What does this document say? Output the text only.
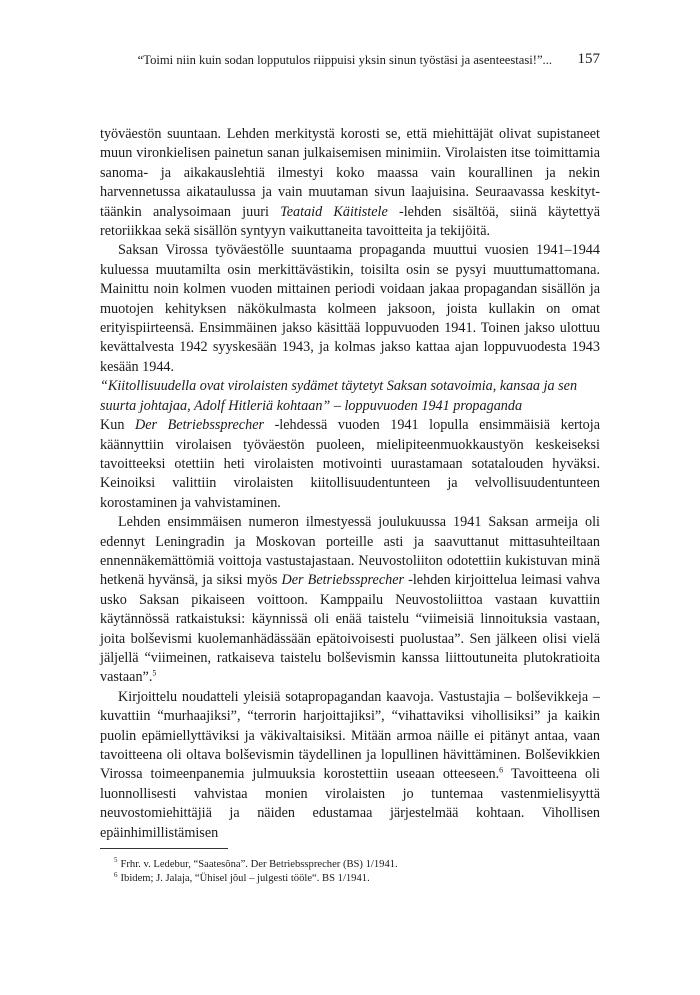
“Toimi niin kuin sodan lopputulos riippuisi yksin sinun työstäsi ja asenteestasi!”... 157

työväestön suuntaan. Lehden merkitystä korosti se, että miehittäjät olivat supistaneet muun vironkielisen painetun sanan julkaisemisen minimiin. Virolaisten itse toimittamia sanoma- ja aikakauslehtiä ilmestyi koko maassa vain kourallinen ja nekin harvennetussa aikataulussa ja vain muutaman sivun laajuisina. Seuraavassa keskityttäänkin analysoimaan juuri Teataid Käitistele -lehden sisältöä, siinä käytettyä retoriikkaa sekä sisällön syntyyn vaikuttaneita tavoitteita ja tekijöitä.

Saksan Virossa työväestölle suuntaama propaganda muuttui vuosien 1941–1944 kuluessa muutamilta osin merkittävästikin, toisilta osin se pysyi muuttumattomana. Mainittu noin kolmen vuoden mittainen periodi voidaan jakaa propagandan sisällön ja muotojen kehityksen näkökulmasta kolmeen jaksoon, joista kullakin on omat erityispiirteensä. Ensimmäinen jakso käsittää loppuvuoden 1941. Toinen jakso ulottuu kevättalvesta 1942 syyskesään 1943, ja kolmas jakso kattaa ajan loppuvuodesta 1943 kesään 1944.

“Kiitollisuudella ovat virolaisten sydämet täytetyt Saksan sotavoimia, kansaa ja sen suurta johtajaa, Adolf Hitleriä kohtaan” – loppuvuoden 1941 propaganda

Kun Der Betriebssprecher -lehdessä vuoden 1941 lopulla ensimmäisiä kertoja käännyttiin virolaisen työväestön puoleen, mielipiteenmuokkaustyön keskeiseksi tavoitteeksi otettiin heti virolaisten motivointi uurastamaan sotatalouden hyväksi. Keinoiksi valittiin virolaisten kiitollisuudentunteen ja velvollisuudentunteen korostaminen ja vahvistaminen.

Lehden ensimmäisen numeron ilmestyessä joulukuussa 1941 Saksan armeija oli edennyt Leningradin ja Moskovan porteille asti ja saavuttanut mittasuhteiltaan ennennäkemättömiä voittoja vastustajastaan. Neuvostoliiton odotettiin kukistuvan minä hetkenä hyvänsä, ja siksi myös Der Betriebssprecher -lehden kirjoittelua leimasi vahva usko Saksan pikaiseen voittoon. Kamppailu Neuvostoliittoa vastaan kuvattiin käytännössä ratkaistuksi: käynnissä oli enää taistelu “viimeisiä linnoituksia vastaan, joita bolševismi kuolemanhädässään epätoivoisesti puolustaa”. Sen jälkeen olisi vielä jäljellä “viimeinen, ratkaiseva taistelu bolševismin kanssa liittoutuneita plutokratioita vastaan”.$^5$

Kirjoittelu noudatteli yleisiä sotapropagandan kaavoja. Vastustajia – bolševikkeja – kuvattiin “murhaajiksi”, “terrorin harjoittajiksi”, “vihattaviksi vihollisiksi” ja kaikin puolin epämiellyttäviksi ja väkivaltaisiksi. Mitään armoa näille ei pitänyt antaa, vaan tavoitteena oli oltava bolševismin täydellinen ja lopullinen hävittäminen. Bolševikkien Virossa toimeenpanemia julmuuksia korostettiin useaan otteeseen.$^6$ Tavoitteena oli luonnollisesti vahvistaa monien virolaisten jo tuntemaa vastenmielisyyttä neuvostomiehittäjiä ja näiden edustamaa järjestelmää kohtaan. Vihollisen epäinhimillistämisen

$^5$ Frhr. v. Ledebur, “Saatesõna”. Der Betriebssprecher (BS) 1/1941.
$^6$ Ibidem; J. Jalaja, “Ühisel jõul – julgesti tööle“. BS 1/1941.
